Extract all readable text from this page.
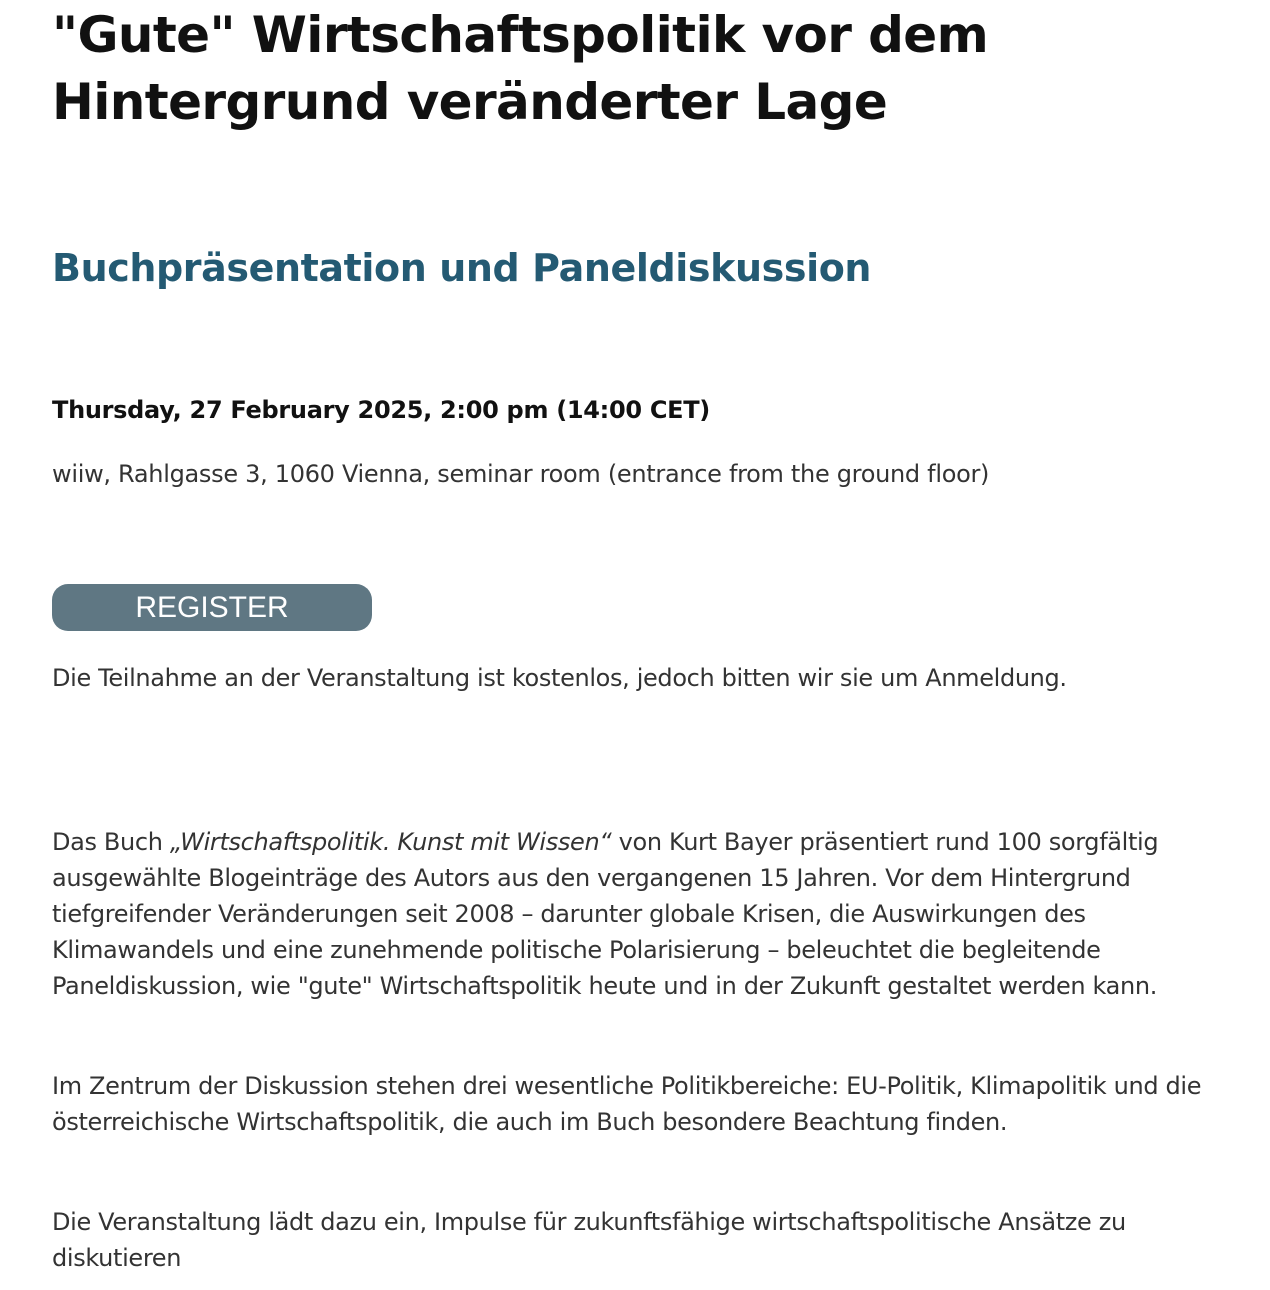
"Gute" Wirtschaftspolitik vor dem Hintergrund veränderter Lage
Buchpräsentation und Paneldiskussion

Thursday, 27 February 2025, 2:00 pm (14:00 CET)

wiiw, Rahlgasse 3, 1060 Vienna, seminar room (entrance from the ground floor)

REGISTER

Die Teilnahme an der Veranstaltung ist kostenlos, jedoch bitten wir sie um Anmeldung.

Das Buch „Wirtschaftspolitik. Kunst mit Wissen“ von Kurt Bayer präsentiert rund 100 sorgfältig ausgewählte Blogeinträge des Autors aus den vergangenen 15 Jahren. Vor dem Hintergrund tiefgreifender Veränderungen seit 2008 – darunter globale Krisen, die Auswirkungen des Klimawandels und eine zunehmende politische Polarisierung – beleuchtet die begleitende Paneldiskussion, wie "gute" Wirtschaftspolitik heute und in der Zukunft gestaltet werden kann.

Im Zentrum der Diskussion stehen drei wesentliche Politikbereiche: EU-Politik, Klimapolitik und die österreichische Wirtschaftspolitik, die auch im Buch besondere Beachtung finden.

Die Veranstaltung lädt dazu ein, Impulse für zukunftsfähige wirtschaftspolitische Ansätze zu diskutieren
